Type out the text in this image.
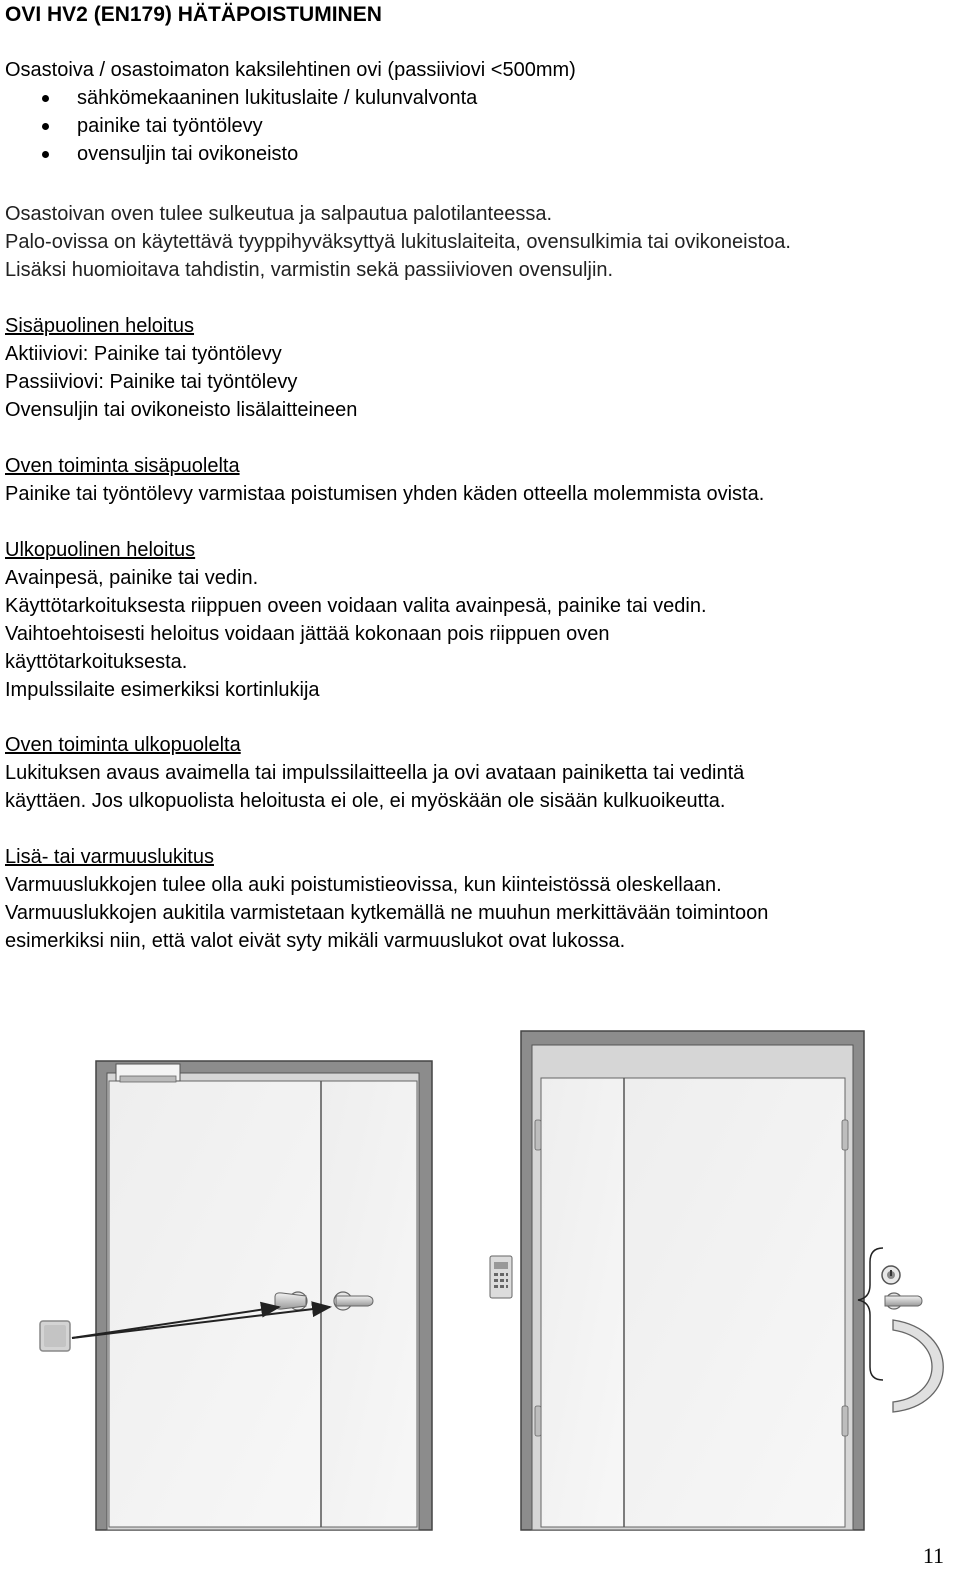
OVI HV2 (EN179) HÄTÄPOISTUMINEN

Osastoiva / osastoimaton kaksilehtinen ovi (passiiviovi <500mm)

sähkömekaaninen lukituslaite / kulunvalvonta
painike tai työntölevy
ovensuljin tai ovikoneisto

Osastoivan oven tulee sulkeutua ja salpautua palotilanteessa.

Palo-ovissa on käytettävä tyyppihyväksyttyä lukituslaiteita, ovensulkimia tai ovikoneistoa.

Lisäksi huomioitava tahdistin, varmistin sekä passiivioven ovensuljin.

Sisäpuolinen heloitus

Aktiiviovi: Painike tai työntölevy

Passiiviovi: Painike tai työntölevy

Ovensuljin tai ovikoneisto lisälaitteineen

Oven toiminta sisäpuolelta

Painike tai työntölevy varmistaa poistumisen yhden käden otteella molemmista ovista.

Ulkopuolinen heloitus

Avainpesä, painike tai vedin.

Käyttötarkoituksesta riippuen oveen voidaan valita avainpesä, painike tai vedin.

Vaihtoehtoisesti heloitus voidaan jättää kokonaan pois riippuen oven

käyttötarkoituksesta.

Impulssilaite esimerkiksi kortinlukija

Oven toiminta ulkopuolelta

Lukituksen avaus avaimella tai impulssilaitteella ja ovi avataan painiketta tai vedintä

käyttäen. Jos ulkopuolista heloitusta ei ole, ei myöskään ole sisään kulkuoikeutta.

Lisä- tai varmuuslukitus

Varmuuslukkojen tulee olla auki poistumistieovissa, kun kiinteistössä oleskellaan.

Varmuuslukkojen aukitila varmistetaan kytkemällä ne muuhun merkittävään toimintoon

esimerkiksi niin, että valot eivät syty mikäli varmuuslukot ovat lukossa.

11
